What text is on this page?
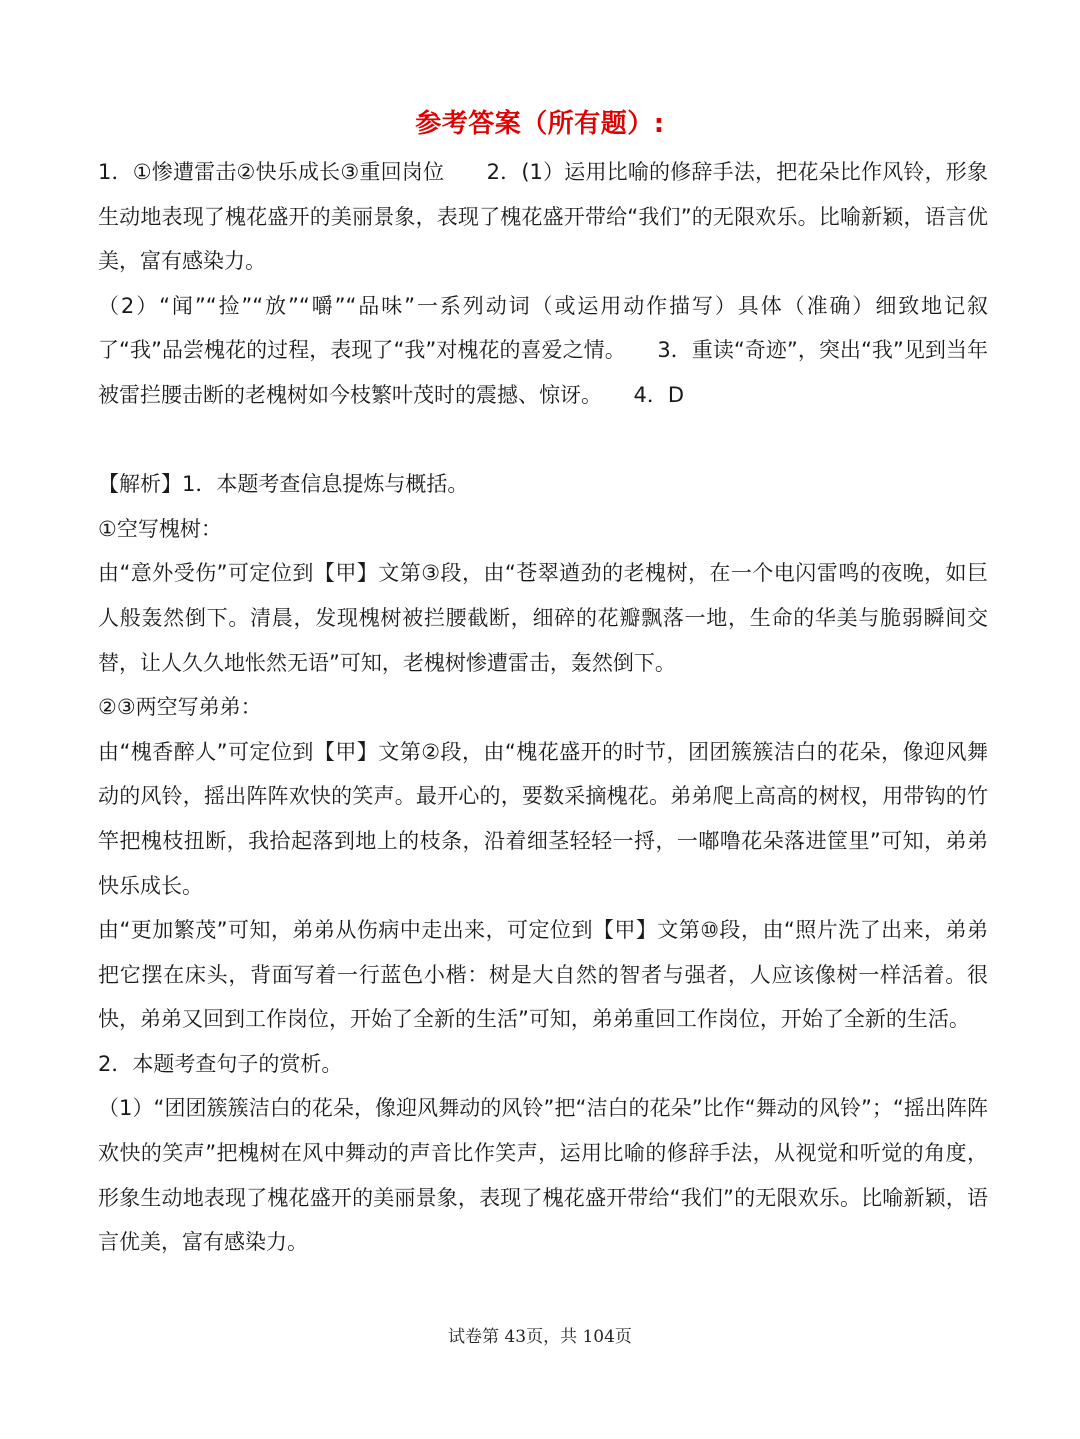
参考答案（所有题）:

1．①惨遭雷击②快乐成长③重回岗位　　2．(1）运用比喻的修辞手法，把花朵比作风铃，形象生动地表现了槐花盛开的美丽景象，表现了槐花盛开带给“我们”的无限欢乐。比喻新颖，语言优美，富有感染力。

（2）“闻”“捡”“放”“嚼”“品味”一系列动词（或运用动作描写）具体（准确）细致地记叙了“我”品尝槐花的过程，表现了“我”对槐花的喜爱之情。　　3．重读“奇迹”，突出“我”见到当年被雷拦腰击断的老槐树如今枝繁叶茂时的震撼、惊讶。　　4．D

【解析】1．本题考查信息提炼与概括。

①空写槐树：

由“意外受伤”可定位到【甲】文第③段，由“苍翠遒劲的老槐树，在一个电闪雷鸣的夜晚，如巨人般轰然倒下。清晨，发现槐树被拦腰截断，细碎的花瓣飘落一地，生命的华美与脆弱瞬间交替，让人久久地怅然无语”可知，老槐树惨遭雷击，轰然倒下。

②③两空写弟弟：

由“槐香醉人”可定位到【甲】文第②段，由“槐花盛开的时节，团团簇簇洁白的花朵，像迎风舞动的风铃，摇出阵阵欢快的笑声。最开心的，要数采摘槐花。弟弟爬上高高的树杈，用带钩的竹竿把槐枝扭断，我拾起落到地上的枝条，沿着细茎轻轻一捋，一嘟噜花朵落进筐里”可知，弟弟快乐成长。

由“更加繁茂”可知，弟弟从伤病中走出来，可定位到【甲】文第⑩段，由“照片洗了出来，弟弟把它摆在床头，背面写着一行蓝色小楷：树是大自然的智者与强者，人应该像树一样活着。很快，弟弟又回到工作岗位，开始了全新的生活”可知，弟弟重回工作岗位，开始了全新的生活。

2．本题考查句子的赏析。

（1）“团团簇簇洁白的花朵，像迎风舞动的风铃”把“洁白的花朵”比作“舞动的风铃”；“摇出阵阵欢快的笑声”把槐树在风中舞动的声音比作笑声，运用比喻的修辞手法，从视觉和听觉的角度，形象生动地表现了槐花盛开的美丽景象，表现了槐花盛开带给“我们”的无限欢乐。比喻新颖，语言优美，富有感染力。

试卷第 43页，共 104页
